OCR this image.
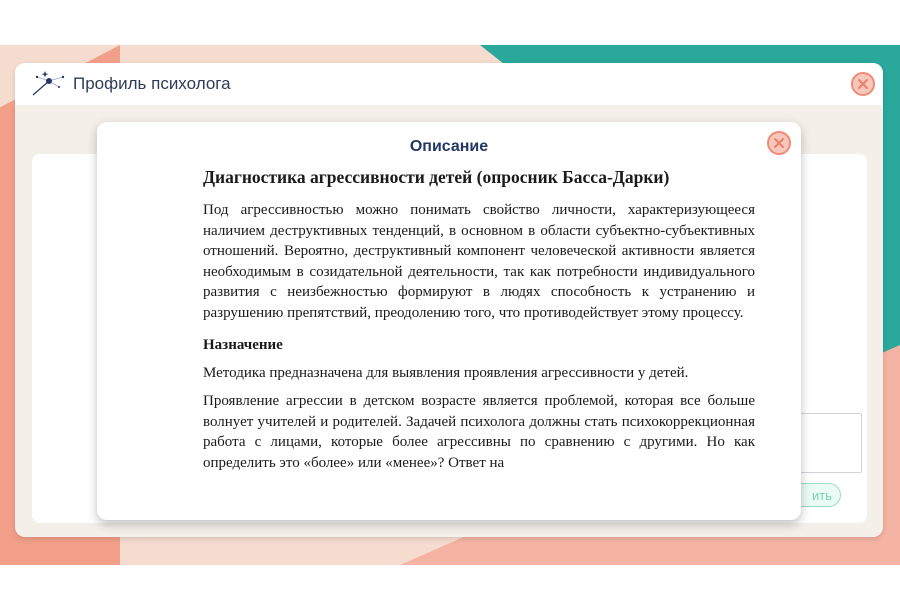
Профиль психолога
ить
Описание
Диагностика агрессивности детей (опросник Басса-Дарки)

Под агрессивностью можно понимать свойство личности, характеризующееся наличием деструктивных тенденций, в основном в области субъектно-субъективных отношений. Вероятно, деструктивный компонент человеческой активности является необходимым в созидательной деятельности, так как потребности индивидуального развития с неизбежностью формируют в людях способность к устранению и разрушению препятствий, преодолению того, что противодействует этому процессу.

Назначение

Методика предназначена для выявления проявления агрессивности у детей.

Проявление агрессии в детском возрасте является проблемой, которая все больше волнует учителей и родителей. Задачей психолога должны стать психокоррекционная работа с лицами, которые более агрессивны по сравнению с другими. Но как определить это «более» или «менее»? Ответ на
